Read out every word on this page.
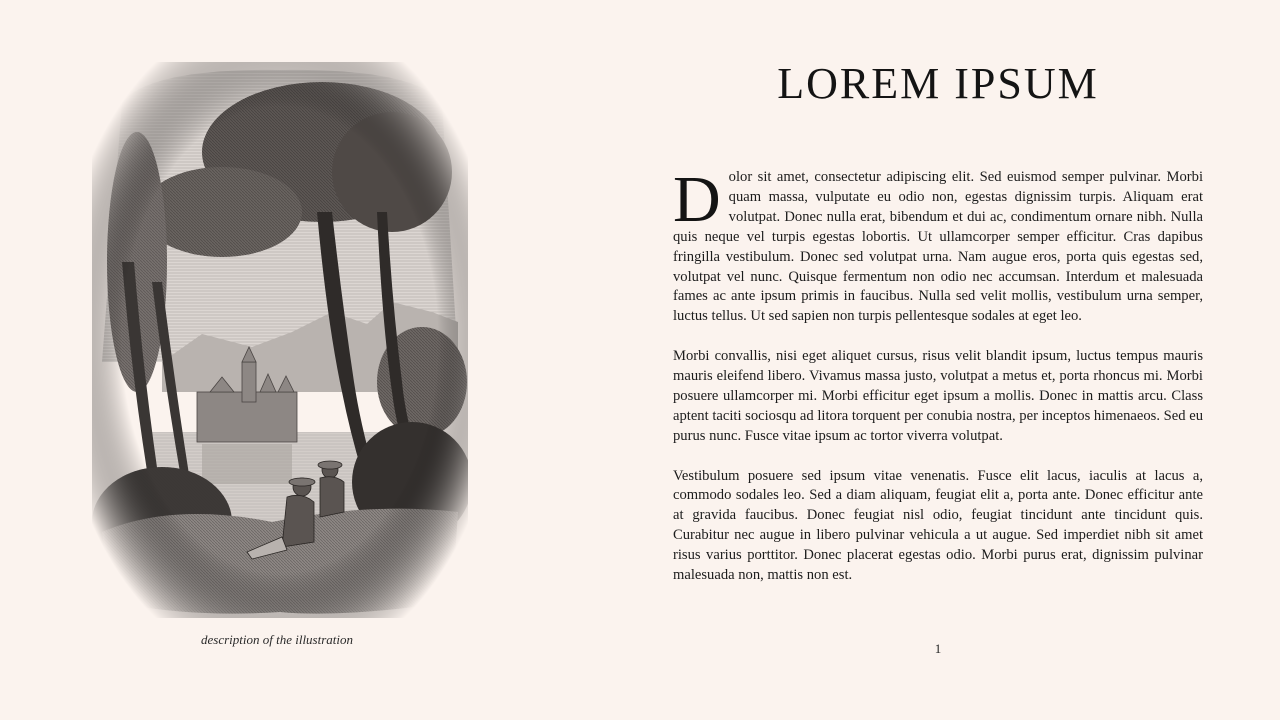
description of the illustration
LOREM IPSUM

Dolor sit amet, consectetur adipiscing elit. Sed euismod semper pulvinar. Morbi quam massa, vulputate eu odio non, egestas dignissim turpis. Aliquam erat volutpat. Donec nulla erat, bibendum et dui ac, condimentum ornare nibh. Nulla quis neque vel turpis egestas lobortis. Ut ullamcorper semper efficitur. Cras dapibus fringilla vestibulum. Donec sed volutpat urna. Nam augue eros, porta quis egestas sed, volutpat vel nunc. Quisque fermentum non odio nec accumsan. Interdum et malesuada fames ac ante ipsum primis in faucibus. Nulla sed velit mollis, vestibulum urna semper, luctus tellus. Ut sed sapien non turpis pellentesque sodales at eget leo.

Morbi convallis, nisi eget aliquet cursus, risus velit blandit ipsum, luctus tempus mauris mauris eleifend libero. Vivamus massa justo, volutpat a metus et, porta rhoncus mi. Morbi posuere ullamcorper mi. Morbi efficitur eget ipsum a mollis. Donec in mattis arcu. Class aptent taciti sociosqu ad litora torquent per conubia nostra, per inceptos himenaeos. Sed eu purus nunc. Fusce vitae ipsum ac tortor viverra volutpat.

Vestibulum posuere sed ipsum vitae venenatis. Fusce elit lacus, iaculis at lacus a, commodo sodales leo. Sed a diam aliquam, feugiat elit a, porta ante. Donec efficitur ante at gravida faucibus. Donec feugiat nisl odio, feugiat tincidunt ante tincidunt quis. Curabitur nec augue in libero pulvinar vehicula a ut augue. Sed imperdiet nibh sit amet risus varius porttitor. Donec placerat egestas odio. Morbi purus erat, dignissim pulvinar malesuada non, mattis non est.

1
